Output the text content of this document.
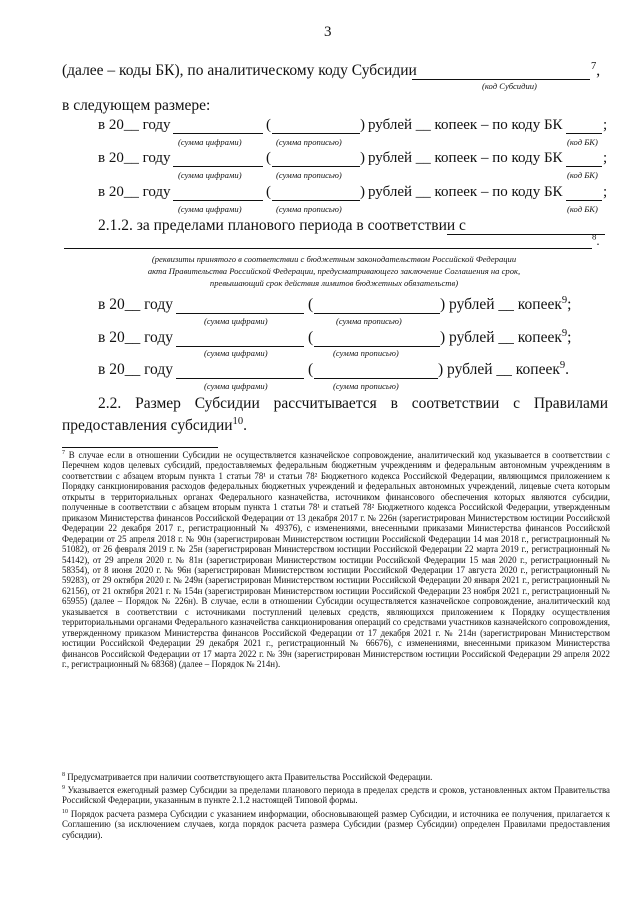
3
(далее – коды БК), по аналитическому коду Субсидии	$^7$,
(код Субсидии)
в следующем размере:
в 20__ году	(	) рублей __ копеек – по коду БК	;
(сумма цифрами)	(сумма прописью)	(код БК)
в 20__ году	(	) рублей __ копеек – по коду БК	;
(сумма цифрами)	(сумма прописью)	(код БК)
в 20__ году	(	) рублей __ копеек – по коду БК	;
(сумма цифрами)	(сумма прописью)	(код БК)
2.1.2. за пределами планового периода в соответствии с
$^8$.
(реквизиты принятого в соответствии с бюджетным законодательством Российской Федерации
акта Правительства Российской Федерации, предусматривающего заключение Соглашения на срок,
превышающий срок действия лимитов бюджетных обязательств)
в 20__ году	(	) рублей __ копеек$^9$;
(сумма цифрами)	(сумма прописью)
в 20__ году	(	) рублей __ копеек$^9$;
(сумма цифрами)	(сумма прописью)
в 20__ году	(	) рублей __ копеек$^9$.
(сумма цифрами)	(сумма прописью)
2.2. Размер Субсидии рассчитывается в соответствии с Правилами
предоставления субсидии$^{10}$.
$^7$ В случае если в отношении Субсидии не осуществляется казначейское сопровождение, аналитический код указывается в соответствии с Перечнем кодов целевых субсидий, предоставляемых федеральным бюджетным учреждениям и федеральным автономным учреждениям в соответствии с абзацем вторым пункта 1 статьи 78¹ и статьи 78² Бюджетного кодекса Российской Федерации, являющимся приложением к Порядку санкционирования расходов федеральных бюджетных учреждений и федеральных автономных учреждений, лицевые счета которым открыты в территориальных органах Федерального казначейства, источником финансового обеспечения которых являются субсидии, полученные в соответствии с абзацем вторым пункта 1 статьи 78¹ и статьей 78² Бюджетного кодекса Российской Федерации, утвержденным приказом Министерства финансов Российской Федерации от 13 декабря 2017 г. № 226н (зарегистрирован Министерством юстиции Российской Федерации 22 декабря 2017 г., регистрационный № 49376), с изменениями, внесенными приказами Министерства финансов Российской Федерации от 25 апреля 2018 г. № 90н (зарегистрирован Министерством юстиции Российской Федерации 14 мая 2018 г., регистрационный № 51082), от 26 февраля 2019 г. № 25н (зарегистрирован Министерством юстиции Российской Федерации 22 марта 2019 г., регистрационный № 54142), от 29 апреля 2020 г. № 81н (зарегистрирован Министерством юстиции Российской Федерации 15 мая 2020 г., регистрационный № 58354), от 8 июня 2020 г. № 96н (зарегистрирован Министерством юстиции Российской Федерации 17 августа 2020 г., регистрационный № 59283), от 29 октября 2020 г. № 249н (зарегистрирован Министерством юстиции Российской Федерации 20 января 2021 г., регистрационный № 62156), от 21 октября 2021 г. № 154н (зарегистрирован Министерством юстиции Российской Федерации 23 ноября 2021 г., регистрационный № 65955) (далее – Порядок № 226н). В случае, если в отношении Субсидии осуществляется казначейское сопровождение, аналитический код указывается в соответствии с источниками поступлений целевых средств, являющихся приложением к Порядку осуществления территориальными органами Федерального казначейства санкционирования операций со средствами участников казначейского сопровождения, утвержденному приказом Министерства финансов Российской Федерации от 17 декабря 2021 г. № 214н (зарегистрирован Министерством юстиции Российской Федерации 29 декабря 2021 г., регистрационный № 66676), с изменениями, внесенными приказом Министерства финансов Российской Федерации от 17 марта 2022 г. № 39н (зарегистрирован Министерством юстиции Российской Федерации 29 апреля 2022 г., регистрационный № 68368) (далее – Порядок № 214н).
$^8$ Предусматривается при наличии соответствующего акта Правительства Российской Федерации.
$^9$ Указывается ежегодный размер Субсидии за пределами планового периода в пределах средств и сроков, установленных актом Правительства Российской Федерации, указанным в пункте 2.1.2 настоящей Типовой формы.
$^{10}$ Порядок расчета размера Субсидии с указанием информации, обосновывающей размер Субсидии, и источника ее получения, прилагается к Соглашению (за исключением случаев, когда порядок расчета размера Субсидии (размер Субсидии) определен Правилами предоставления субсидии).
